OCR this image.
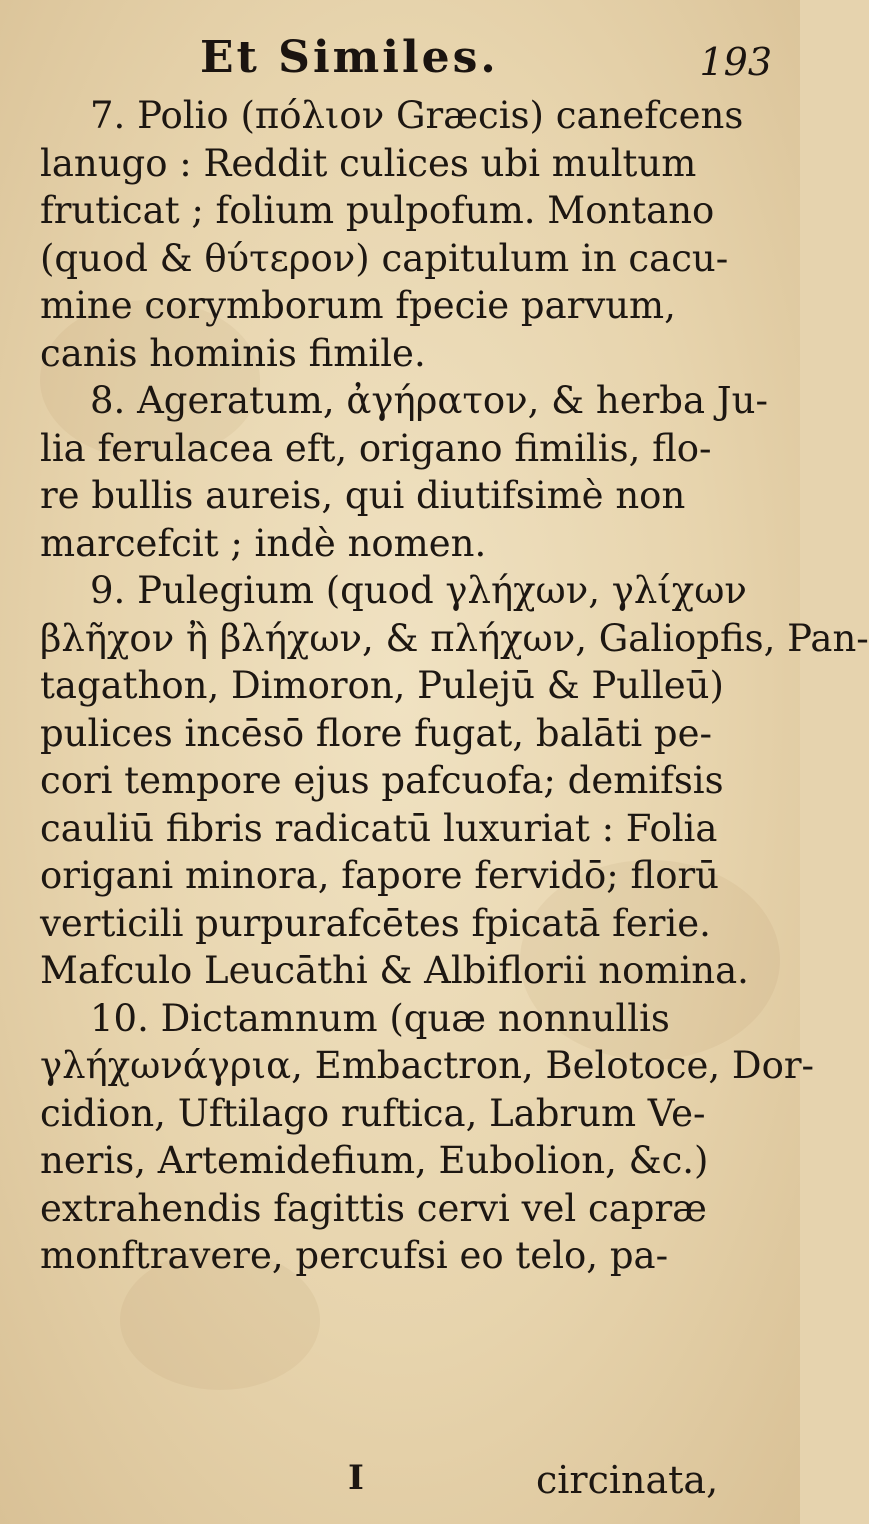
Et Similes.	193
7. Polio (πόλιον Græcis) canefcens
lanugo : Reddit culices ubi multum
fruticat ; folium pulpofum. Montano
(quod & θύτερον) capitulum in cacu-
mine corymborum fpecie parvum,
canis hominis fimile.
8. Ageratum, ἀγήρατον, & herba Ju-
lia ferulacea eft, origano fimilis, flo-
re bullis aureis, qui diutifsimè non
marcefcit ; indè nomen.
9. Pulegium (quod γλήχων, γλίχων
βλῆχον ἢ βλήχων, & πλήχων, Galiopfis, Pan-
tagathon, Dimoron, Pulejū & Pulleū)
pulices incēsō flore fugat, balāti pe-
cori tempore ejus pafcuofa; demifsis
cauliū fibris radicatū luxuriat : Folia
origani minora, fapore fervidō; florū
verticili purpurafcētes fpicatā ferie.
Mafculo Leucāthi & Albiflorii nomina.
10. Dictamnum (quæ nonnullis
γλήχωνάγρια, Embactron, Belotoce, Dor-
cidion, Uftilago ruftica, Labrum Ve-
neris, Artemidefium, Eubolion, &c.)
extrahendis fagittis cervi vel capræ
monftravere, percufsi eo telo, pa-
I	circinata,
